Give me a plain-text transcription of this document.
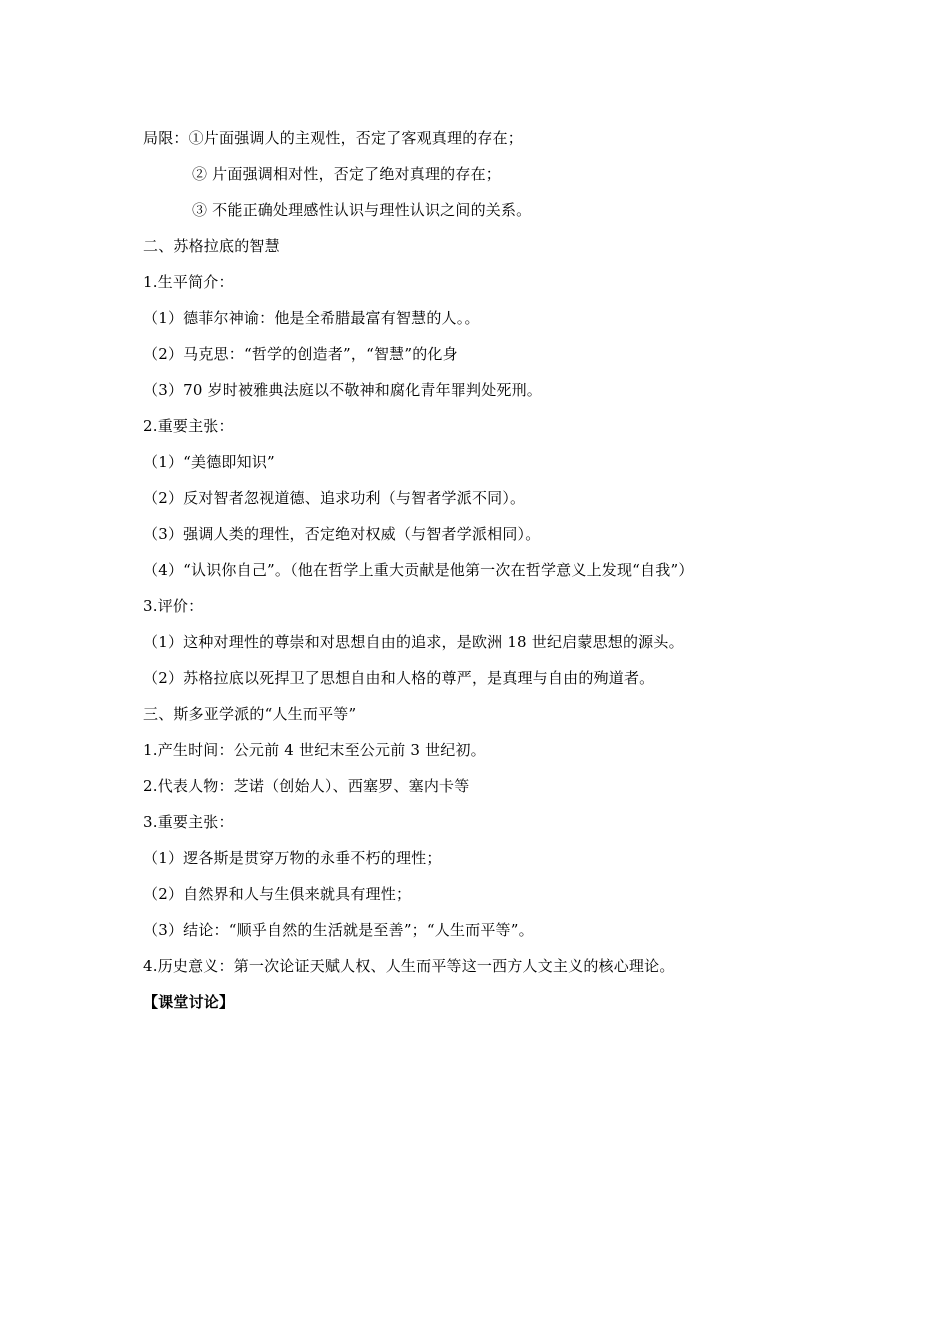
局限：①片面强调人的主观性，否定了客观真理的存在；
② 片面强调相对性，否定了绝对真理的存在；
③ 不能正确处理感性认识与理性认识之间的关系。
二、苏格拉底的智慧
1.生平简介：
（1）德菲尔神谕：他是全希腊最富有智慧的人。。
（2）马克思：“哲学的创造者”，“智慧”的化身
（3）70 岁时被雅典法庭以不敬神和腐化青年罪判处死刑。
2.重要主张：
（1）“美德即知识”
（2）反对智者忽视道德、追求功利（与智者学派不同）。
（3）强调人类的理性，否定绝对权威（与智者学派相同）。
（4）“认识你自己”。（他在哲学上重大贡献是他第一次在哲学意义上发现“自我”）
3.评价：
（1）这种对理性的尊崇和对思想自由的追求，是欧洲 18 世纪启蒙思想的源头。
（2）苏格拉底以死捍卫了思想自由和人格的尊严，是真理与自由的殉道者。
三、斯多亚学派的“人生而平等”
1.产生时间：公元前 4 世纪末至公元前 3 世纪初。
2.代表人物：芝诺（创始人）、西塞罗、塞内卡等
3.重要主张：
（1）逻各斯是贯穿万物的永垂不朽的理性；
（2）自然界和人与生俱来就具有理性；
（3）结论：“顺乎自然的生活就是至善”；“人生而平等”。
4.历史意义：第一次论证天赋人权、人生而平等这一西方人文主义的核心理论。
【课堂讨论】
